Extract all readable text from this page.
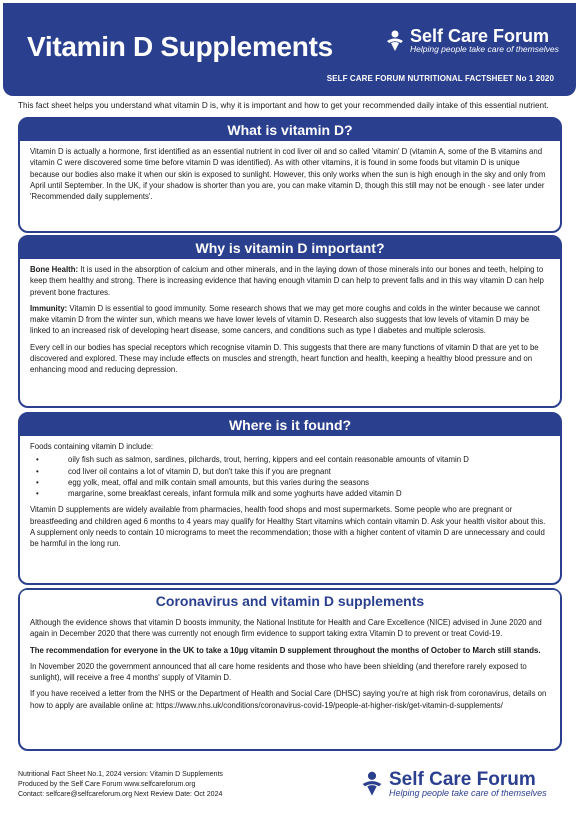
Vitamin D Supplements	Self Care Forum
Helping people take care of themselves
SELF CARE FORUM NUTRITIONAL FACTSHEET No 1 2020
This fact sheet helps you understand what vitamin D is, why it is important and how to get your recommended daily intake of this essential nutrient.
What is vitamin D?

Vitamin D is actually a hormone, first identified as an essential nutrient in cod liver oil and so called 'vitamin' D (vitamin A, some of the B vitamins and vitamin C were discovered some time before vitamin D was identified). As with other vitamins, it is found in some foods but vitamin D is unique because our bodies also make it when our skin is exposed to sunlight. However, this only works when the sun is high enough in the sky and only from April until September. In the UK, if your shadow is shorter than you are, you can make vitamin D, though this still may not be enough - see later under 'Recommended daily supplements'.

Why is vitamin D important?

Bone Health: It is used in the absorption of calcium and other minerals, and in the laying down of those minerals into our bones and teeth, helping to keep them healthy and strong. There is increasing evidence that having enough vitamin D can help to prevent falls and in this way vitamin D can help prevent bone fractures.

Immunity: Vitamin D is essential to good immunity. Some research shows that we may get more coughs and colds in the winter because we cannot make vitamin D from the winter sun, which means we have lower levels of vitamin D. Research also suggests that low levels of vitamin D may be linked to an increased risk of developing heart disease, some cancers, and conditions such as type I diabetes and multiple sclerosis.

Every cell in our bodies has special receptors which recognise vitamin D. This suggests that there are many functions of vitamin D that are yet to be discovered and explored. These may include effects on muscles and strength, heart function and health, keeping a healthy blood pressure and on enhancing mood and reducing depression.

Where is it found?
Foods containing vitamin D include:
• oily fish such as salmon, sardines, pilchards, trout, herring, kippers and eel contain reasonable amounts of vitamin D
• cod liver oil contains a lot of vitamin D, but don't take this if you are pregnant
• egg yolk, meat, offal and milk contain small amounts, but this varies during the seasons
• margarine, some breakfast cereals, infant formula milk and some yoghurts have added vitamin D

Vitamin D supplements are widely available from pharmacies, health food shops and most supermarkets. Some people who are pregnant or breastfeeding and children aged 6 months to 4 years may qualify for Healthy Start vitamins which contain vitamin D. Ask your health visitor about this. A supplement only needs to contain 10 micrograms to meet the recommendation; those with a higher content of vitamin D are unnecessary and could be harmful in the long run.

Coronavirus and vitamin D supplements

Although the evidence shows that vitamin D boosts immunity, the National Institute for Health and Care Excellence (NICE) advised in June 2020 and again in December 2020 that there was currently not enough firm evidence to support taking extra Vitamin D to prevent or treat Covid-19.

The recommendation for everyone in the UK to take a 10µg vitamin D supplement throughout the months of October to March still stands.

In November 2020 the government announced that all care home residents and those who have been shielding (and therefore rarely exposed to sunlight), will receive a free 4 months' supply of Vitamin D.

If you have received a letter from the NHS or the Department of Health and Social Care (DHSC) saying you're at high risk from coronavirus, details on how to apply are available online at: https://www.nhs.uk/conditions/coronavirus-covid-19/people-at-higher-risk/get-vitamin-d-supplements/

Nutritional Fact Sheet No.1, 2024 version: Vitamin D Supplements
Produced by the Self Care Forum www.selfcareforum.org
Contact: selfcare@selfcareforum.org Next Review Date: Oct 2024
Self Care Forum
Helping people take care of themselves
